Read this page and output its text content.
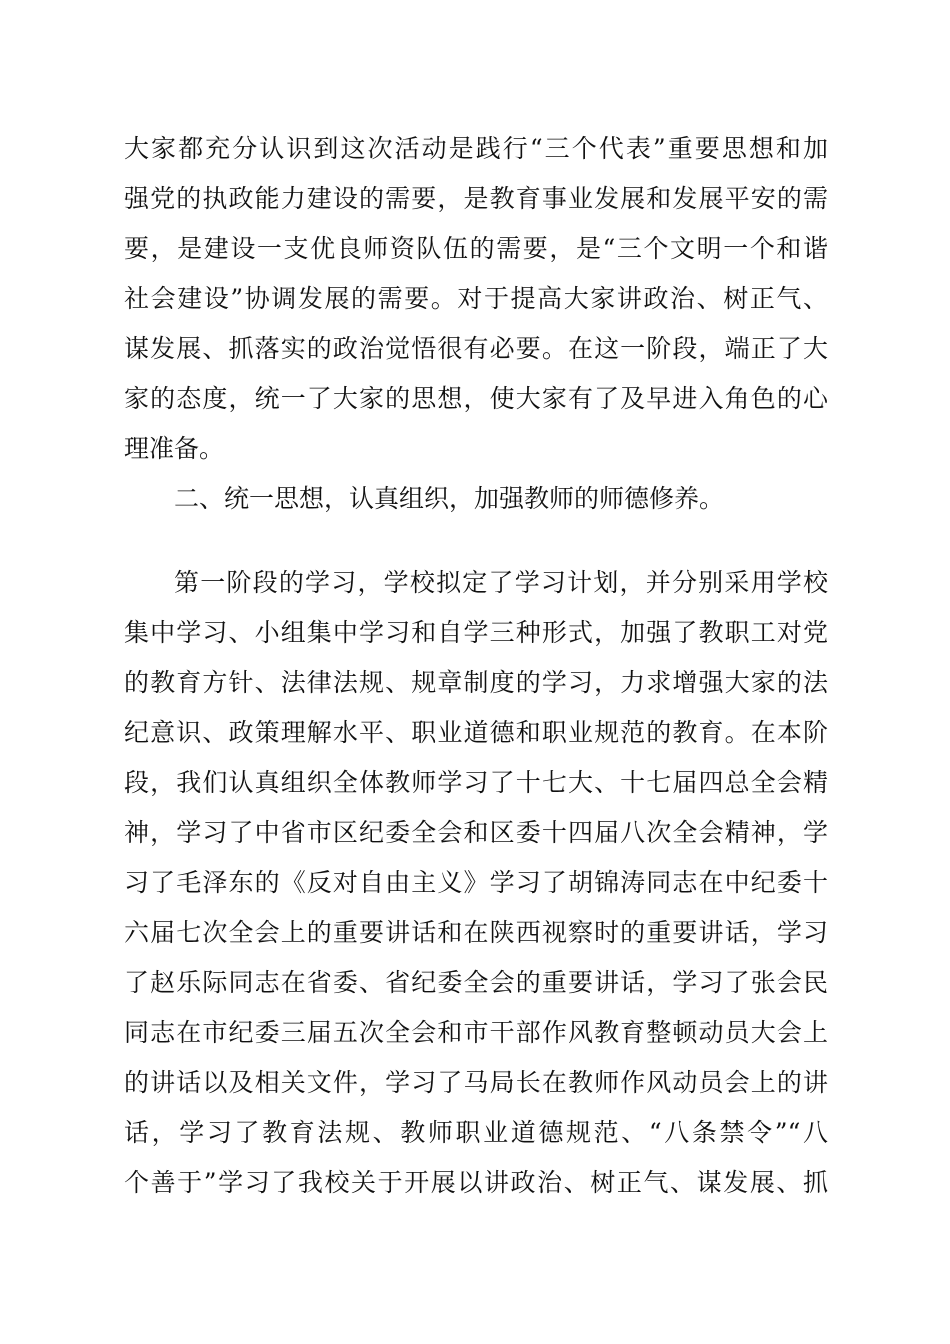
大家都充分认识到这次活动是践行“三个代表”重要思想和加
强党的执政能力建设的需要，是教育事业发展和发展平安的需
要，是建设一支优良师资队伍的需要，是“三个文明一个和谐
社会建设”协调发展的需要。对于提高大家讲政治、树正气、
谋发展、抓落实的政治觉悟很有必要。在这一阶段，端正了大
家的态度，统一了大家的思想，使大家有了及早进入角色的心
理准备。
二、统一思想，认真组织，加强教师的师德修养。
第一阶段的学习，学校拟定了学习计划，并分别采用学校
集中学习、小组集中学习和自学三种形式，加强了教职工对党
的教育方针、法律法规、规章制度的学习，力求增强大家的法
纪意识、政策理解水平、职业道德和职业规范的教育。在本阶
段，我们认真组织全体教师学习了十七大、十七届四总全会精
神，学习了中省市区纪委全会和区委十四届八次全会精神，学
习了毛泽东的《反对自由主义》学习了胡锦涛同志在中纪委十
六届七次全会上的重要讲话和在陕西视察时的重要讲话，学习
了赵乐际同志在省委、省纪委全会的重要讲话，学习了张会民
同志在市纪委三届五次全会和市干部作风教育整顿动员大会上
的讲话以及相关文件，学习了马局长在教师作风动员会上的讲
话，学习了教育法规、教师职业道德规范、“八条禁令”“八
个善于”学习了我校关于开展以讲政治、树正气、谋发展、抓
